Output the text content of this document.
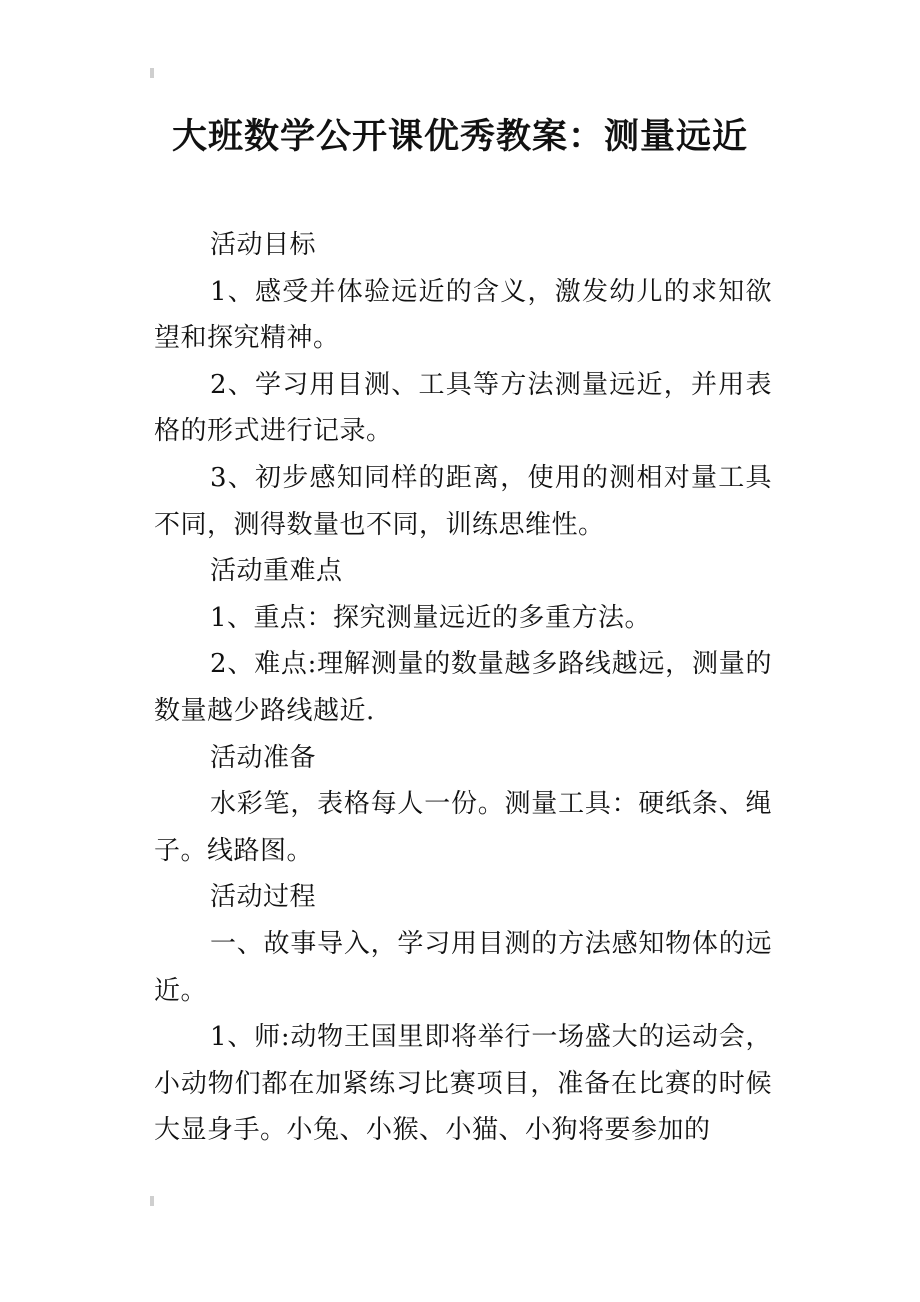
大班数学公开课优秀教案：测量远近

活动目标

1、感受并体验远近的含义，激发幼儿的求知欲望和探究精神。

2、学习用目测、工具等方法测量远近，并用表格的形式进行记录。

3、初步感知同样的距离，使用的测相对量工具不同，测得数量也不同，训练思维性。

活动重难点

1、重点：探究测量远近的多重方法。

2、难点:理解测量的数量越多路线越远，测量的数量越少路线越近.

活动准备

水彩笔，表格每人一份。测量工具：硬纸条、绳子。线路图。

活动过程

一、故事导入，学习用目测的方法感知物体的远近。

1、师:动物王国里即将举行一场盛大的运动会，小动物们都在加紧练习比赛项目，准备在比赛的时候大显身手。小兔、小猴、小猫、小狗将要参加的
